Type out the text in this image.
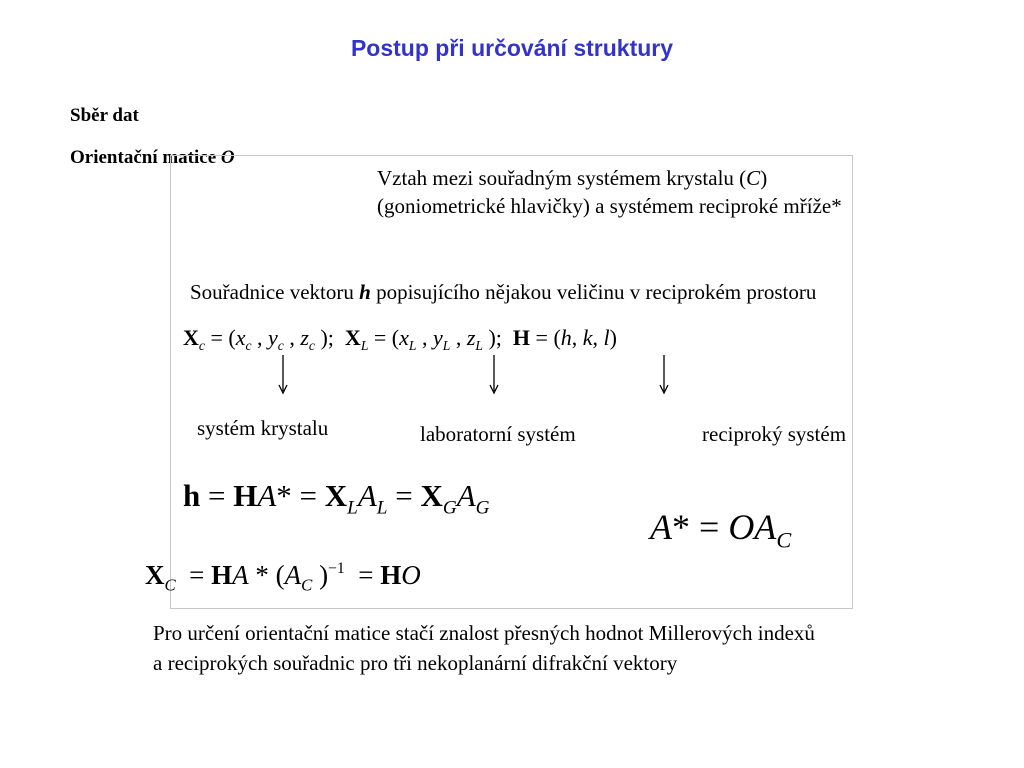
Postup při určování struktury
Sběr dat
Orientační matice O
Vztah mezi souřadným systémem krystalu (C)
(goniometrické hlavičky) a systémem reciproké mříže*
Souřadnice vektoru h popisujícího nějakou veličinu v reciprokém prostoru
$X_c = (x_c$ , $y_c$ , $z_c$ );  $X_L = (x_L$ , $y_L$ , $z_L$ );  H = (h, k, l)
systém krystalu	laboratorní systém	reciproký systém
$h = HA* = X_LA_L = X_GA_G$	$A* = OA_C$
$X_C$  = HA * ($A_C$ )$^{-1}$  = HO
Pro určení orientační matice stačí znalost přesných hodnot Millerových indexů
a reciprokých souřadnic pro tři nekoplanární difrakční vektory
